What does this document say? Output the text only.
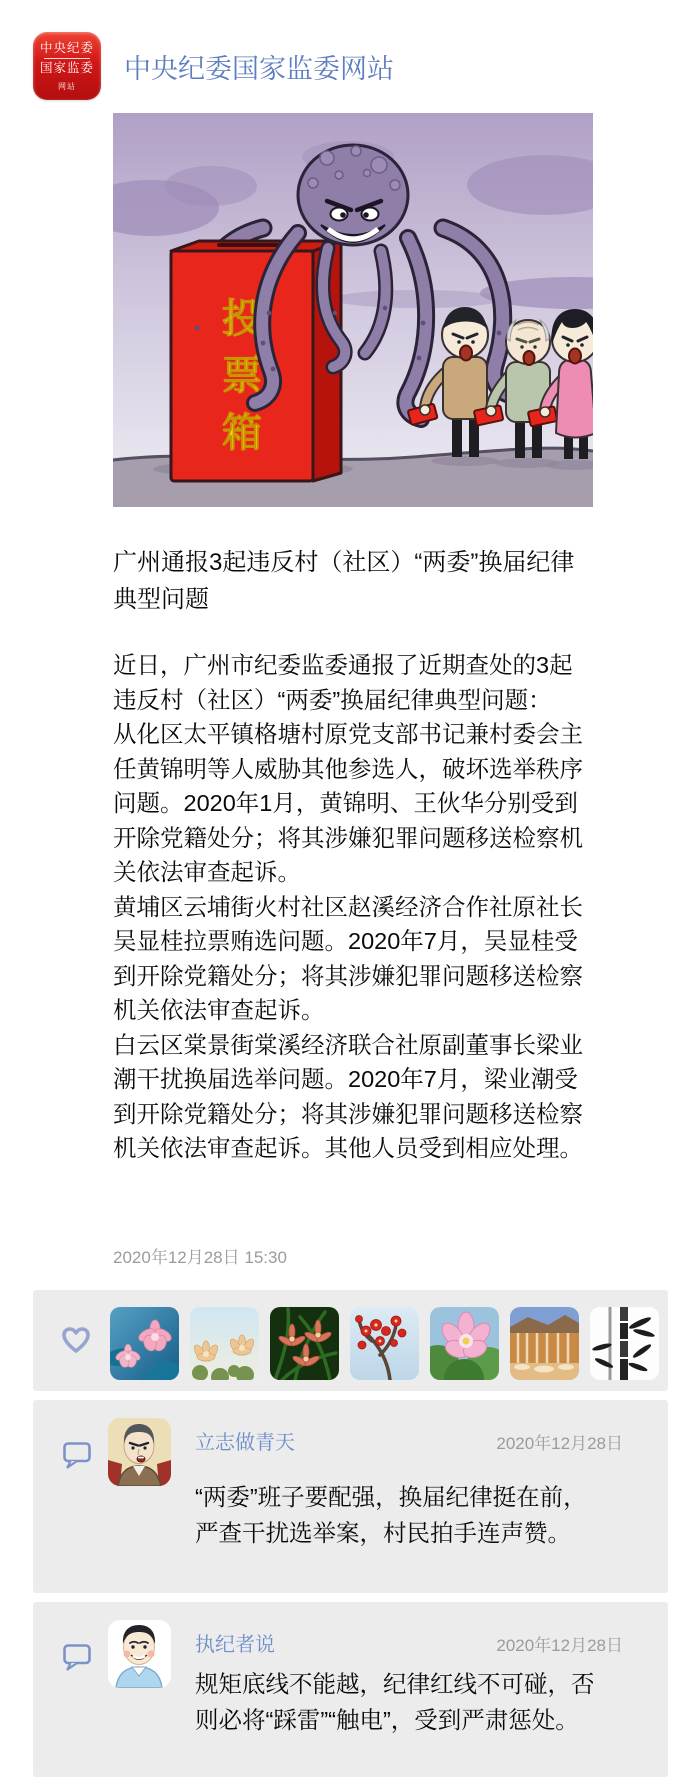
中央纪委
国家监委
网站
中央纪委国家监委网站
投
票
箱
广州通报3起违反村（社区）“两委”换届纪律典型问题

近日，广州市纪委监委通报了近期查处的3起违反村（社区）“两委”换届纪律典型问题：

从化区太平镇格塘村原党支部书记兼村委会主任黄锦明等人威胁其他参选人，破坏选举秩序问题。2020年1月，黄锦明、王伙华分别受到开除党籍处分；将其涉嫌犯罪问题移送检察机关依法审查起诉。

黄埔区云埔街火村社区赵溪经济合作社原社长吴显桂拉票贿选问题。2020年7月，吴显桂受到开除党籍处分；将其涉嫌犯罪问题移送检察机关依法审查起诉。

白云区棠景街棠溪经济联合社原副董事长梁业潮干扰换届选举问题。2020年7月，梁业潮受到开除党籍处分；将其涉嫌犯罪问题移送检察机关依法审查起诉。其他人员受到相应处理。

2020年12月28日 15:30
立志做青天	2020年12月28日
“两委”班子要配强，换届纪律挺在前，严查干扰选举案，村民拍手连声赞。
执纪者说	2020年12月28日
规矩底线不能越，纪律红线不可碰，否则必将“踩雷”“触电”，受到严肃惩处。
